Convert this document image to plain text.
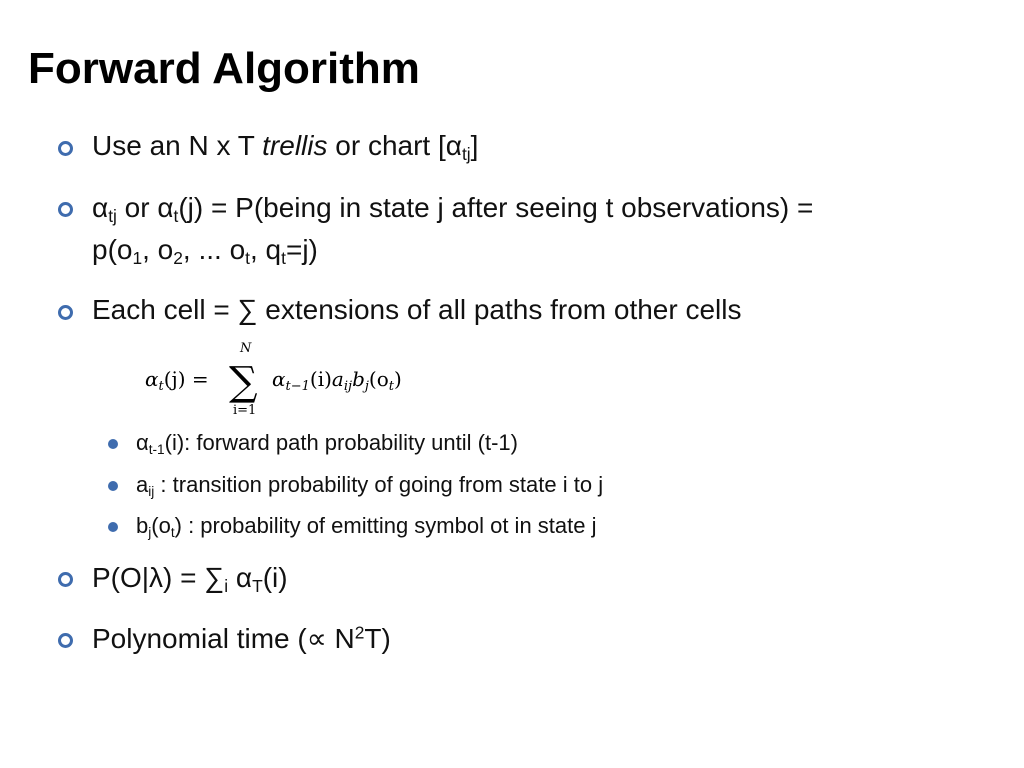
Forward Algorithm
Use an N x T trellis or chart $[\alpha_{tj}]$
$\alpha_{tj}$ or $\alpha_t(j)$ = P(being in state j after seeing t observations) =
$p(o_1$, $o_2$, ... $o_t$, $q_t=j$)
Each cell = ∑ extensions of all paths from other cells
$\alpha_t(j)$ =
N
∑
i=1
$\alpha_{t-1}(i)a_{ij}b_j(o_t)$
$\alpha_{t-1}(i)$: forward path probability until (t-1)
$a_{ij}$ : transition probability of going from state i to j
$b_j(o_t)$ : probability of emitting symbol ot in state j
$P(O|\lambda) = \sum_i$ $\alpha_T(i)$
Polynomial time (∝ $N^2T$)
